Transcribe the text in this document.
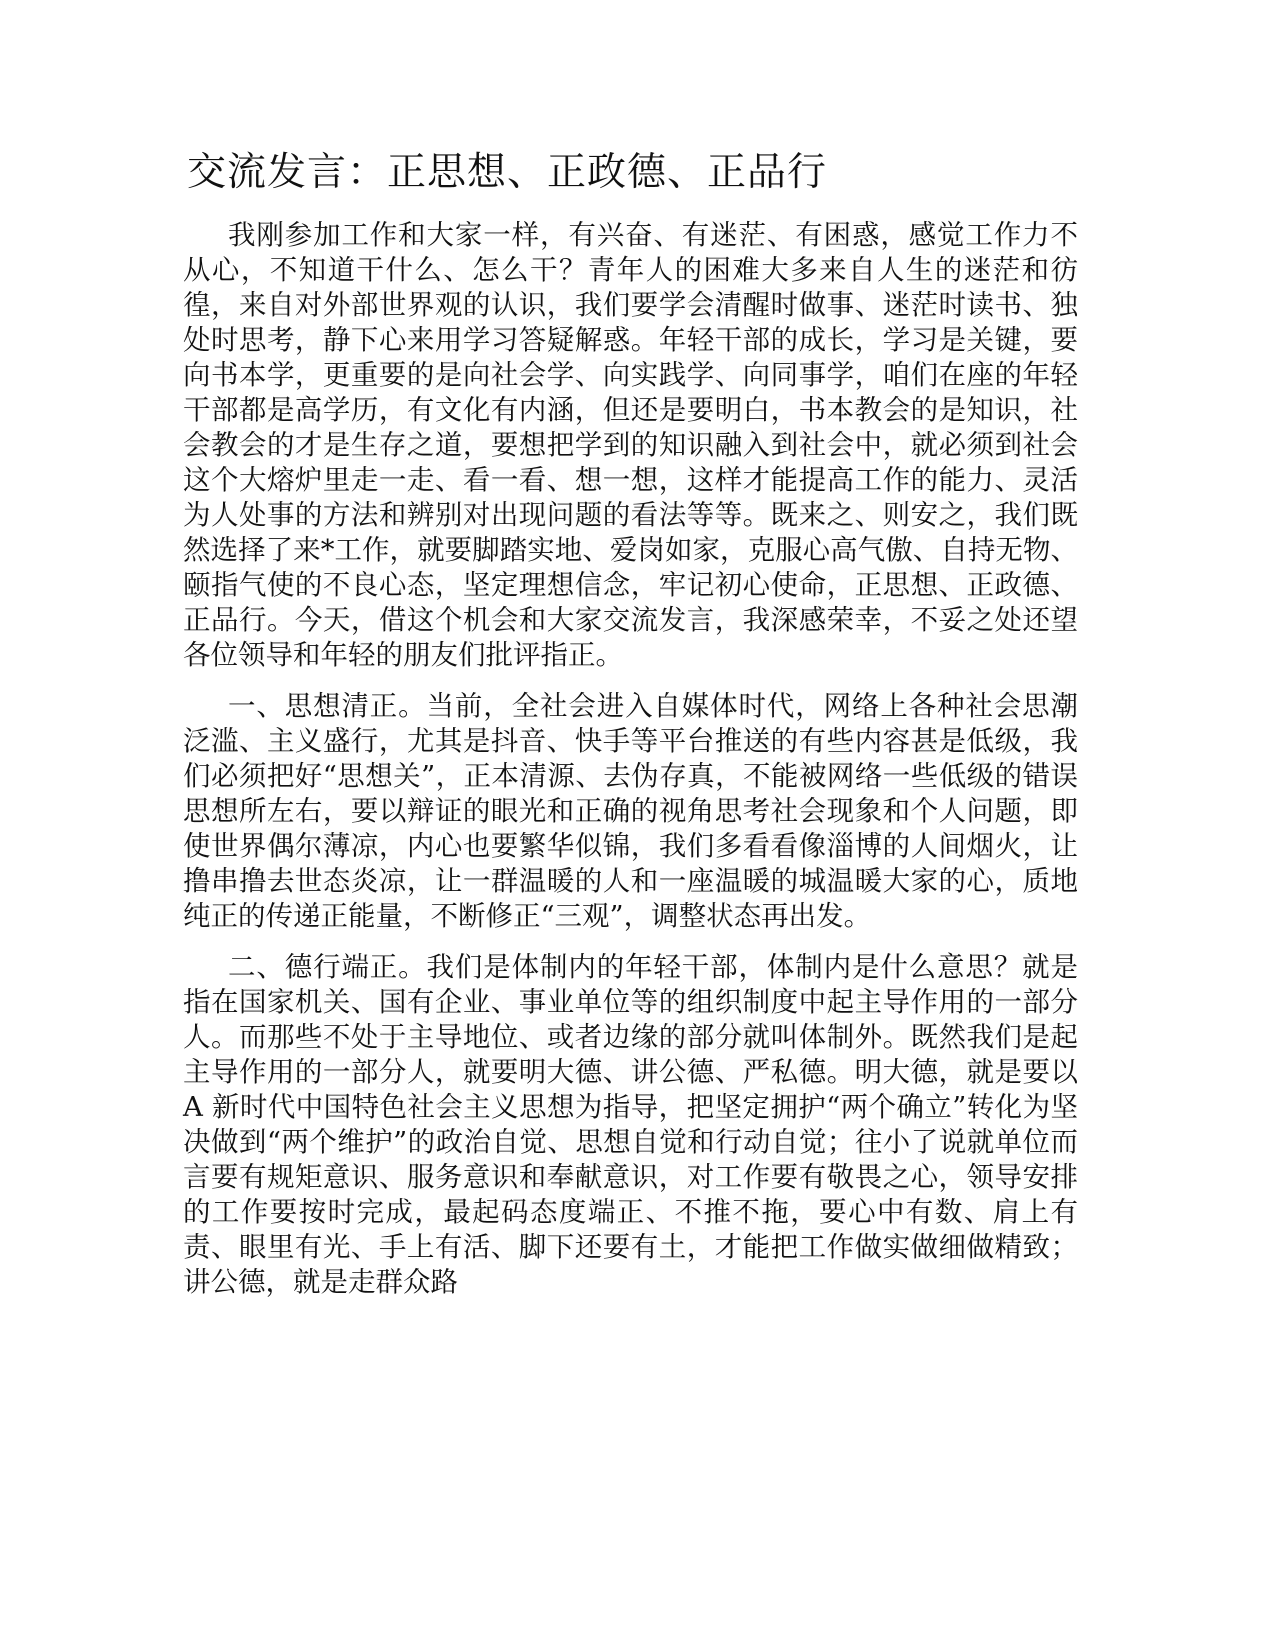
交流发言：正思想、正政德、正品行

我刚参加工作和大家一样，有兴奋、有迷茫、有困惑，感觉工作力不从心，不知道干什么、怎么干？青年人的困难大多来自人生的迷茫和彷徨，来自对外部世界观的认识，我们要学会清醒时做事、迷茫时读书、独处时思考，静下心来用学习答疑解惑。年轻干部的成长，学习是关键，要向书本学，更重要的是向社会学、向实践学、向同事学，咱们在座的年轻干部都是高学历，有文化有内涵，但还是要明白，书本教会的是知识，社会教会的才是生存之道，要想把学到的知识融入到社会中，就必须到社会这个大熔炉里走一走、看一看、想一想，这样才能提高工作的能力、灵活为人处事的方法和辨别对出现问题的看法等等。既来之、则安之，我们既然选择了来*工作，就要脚踏实地、爱岗如家，克服心高气傲、自持无物、颐指气使的不良心态，坚定理想信念，牢记初心使命，正思想、正政德、正品行。今天，借这个机会和大家交流发言，我深感荣幸，不妥之处还望各位领导和年轻的朋友们批评指正。

一、思想清正。当前，全社会进入自媒体时代，网络上各种社会思潮泛滥、主义盛行，尤其是抖音、快手等平台推送的有些内容甚是低级，我们必须把好“思想关”，正本清源、去伪存真，不能被网络一些低级的错误思想所左右，要以辩证的眼光和正确的视角思考社会现象和个人问题，即使世界偶尔薄凉，内心也要繁华似锦，我们多看看像淄博的人间烟火，让撸串撸去世态炎凉，让一群温暖的人和一座温暖的城温暖大家的心，质地纯正的传递正能量，不断修正“三观”，调整状态再出发。

二、德行端正。我们是体制内的年轻干部，体制内是什么意思？就是指在国家机关、国有企业、事业单位等的组织制度中起主导作用的一部分人。而那些不处于主导地位、或者边缘的部分就叫体制外。既然我们是起主导作用的一部分人，就要明大德、讲公德、严私德。明大德，就是要以 A 新时代中国特色社会主义思想为指导，把坚定拥护“两个确立”转化为坚决做到“两个维护”的政治自觉、思想自觉和行动自觉；往小了说就单位而言要有规矩意识、服务意识和奉献意识，对工作要有敬畏之心，领导安排的工作要按时完成，最起码态度端正、不推不拖，要心中有数、肩上有责、眼里有光、手上有活、脚下还要有土，才能把工作做实做细做精致；讲公德，就是走群众路
